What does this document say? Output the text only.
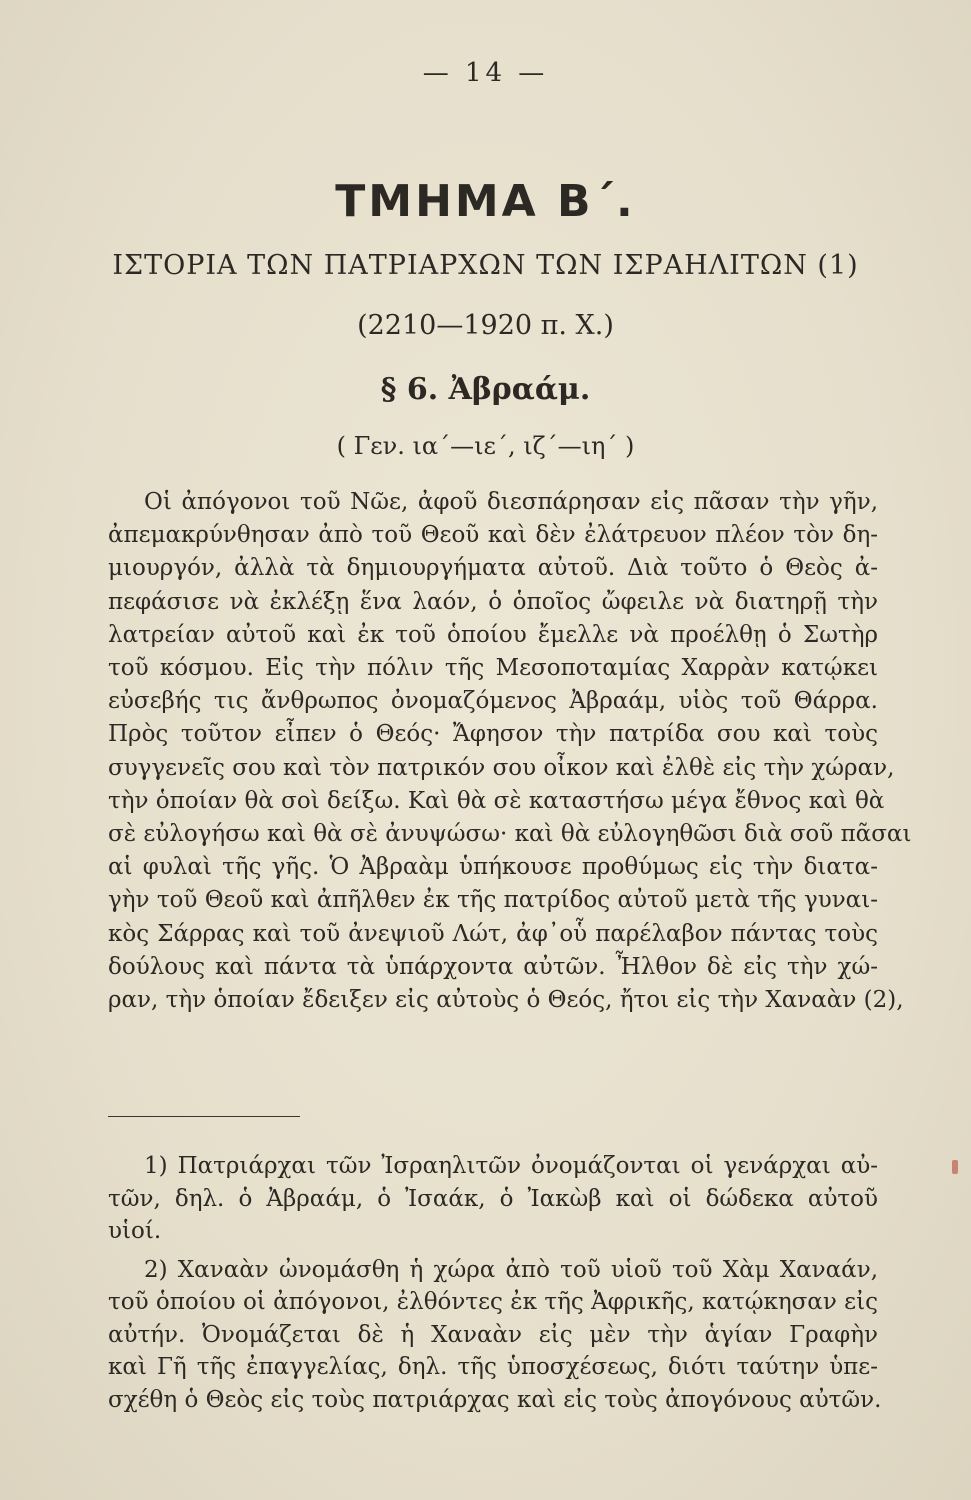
— 14 —
ΤΜΗΜΑ Β΄.
ΙΣΤΟΡΙΑ ΤΩΝ ΠΑΤΡΙΑΡΧΩΝ ΤΩΝ ΙΣΡΑΗΛΙΤΩΝ (1)
(2210—1920 π. Χ.)
§ 6. Ἀβραάμ.
( Γεν. ια΄—ιε΄, ιζ΄—ιη΄ )
Οἱ ἀπόγονοι τοῦ Νῶε, ἀφοῦ διεσπάρησαν εἰς πᾶσαν τὴν γῆν,
ἀπεμακρύνθησαν ἀπὸ τοῦ Θεοῦ καὶ δὲν ἐλάτρευον πλέον τὸν δη-
μιουργόν, ἀλλὰ τὰ δημιουργήματα αὐτοῦ. Διὰ τοῦτο ὁ Θεὸς ἀ-
πεφάσισε νὰ ἐκλέξῃ ἕνα λαόν, ὁ ὁποῖος ὤφειλε νὰ διατηρῇ τὴν
λατρείαν αὐτοῦ καὶ ἐκ τοῦ ὁποίου ἔμελλε νὰ προέλθῃ ὁ Σωτὴρ
τοῦ κόσμου. Εἰς τὴν πόλιν τῆς Μεσοποταμίας Χαρρὰν κατῴκει
εὐσεβής τις ἄνθρωπος ὀνομαζόμενος Ἀβραάμ, υἱὸς τοῦ Θάρρα.
Πρὸς τοῦτον εἶπεν ὁ Θεός· Ἄφησον τὴν πατρίδα σου καὶ τοὺς
συγγενεῖς σου καὶ τὸν πατρικόν σου οἶκον καὶ ἐλθὲ εἰς τὴν χώραν,
τὴν ὁποίαν θὰ σοὶ δείξω. Καὶ θὰ σὲ καταστήσω μέγα ἔθνος καὶ θὰ
σὲ εὐλογήσω καὶ θὰ σὲ ἀνυψώσω· καὶ θὰ εὐλογηθῶσι διὰ σοῦ πᾶσαι
αἱ φυλαὶ τῆς γῆς. Ὁ Ἀβραὰμ ὑπήκουσε προθύμως εἰς τὴν διατα-
γὴν τοῦ Θεοῦ καὶ ἀπῆλθεν ἐκ τῆς πατρίδος αὐτοῦ μετὰ τῆς γυναι-
κὸς Σάρρας καὶ τοῦ ἀνεψιοῦ Λώτ, ἀφ᾽οὗ παρέλαβον πάντας τοὺς
δούλους καὶ πάντα τὰ ὑπάρχοντα αὐτῶν. Ἦλθον δὲ εἰς τὴν χώ-
ραν, τὴν ὁποίαν ἔδειξεν εἰς αὐτοὺς ὁ Θεός, ἤτοι εἰς τὴν Χαναὰν (2),
1) Πατριάρχαι τῶν Ἰσραηλιτῶν ὀνομάζονται οἱ γενάρχαι αὐ-
τῶν, δηλ. ὁ Ἀβραάμ, ὁ Ἰσαάκ, ὁ Ἰακὼβ καὶ οἱ δώδεκα αὐτοῦ
υἱοί.
2) Χαναὰν ὠνομάσθη ἡ χώρα ἀπὸ τοῦ υἱοῦ τοῦ Χὰμ Χαναάν,
τοῦ ὁποίου οἱ ἀπόγονοι, ἐλθόντες ἐκ τῆς Ἀφρικῆς, κατῴκησαν εἰς
αὐτήν. Ὀνομάζεται δὲ ἡ Χαναὰν εἰς μὲν τὴν ἁγίαν Γραφὴν
καὶ Γῆ τῆς ἐπαγγελίας, δηλ. τῆς ὑποσχέσεως, διότι ταύτην ὑπε-
σχέθη ὁ Θεὸς εἰς τοὺς πατριάρχας καὶ εἰς τοὺς ἀπογόνους αὐτῶν.
